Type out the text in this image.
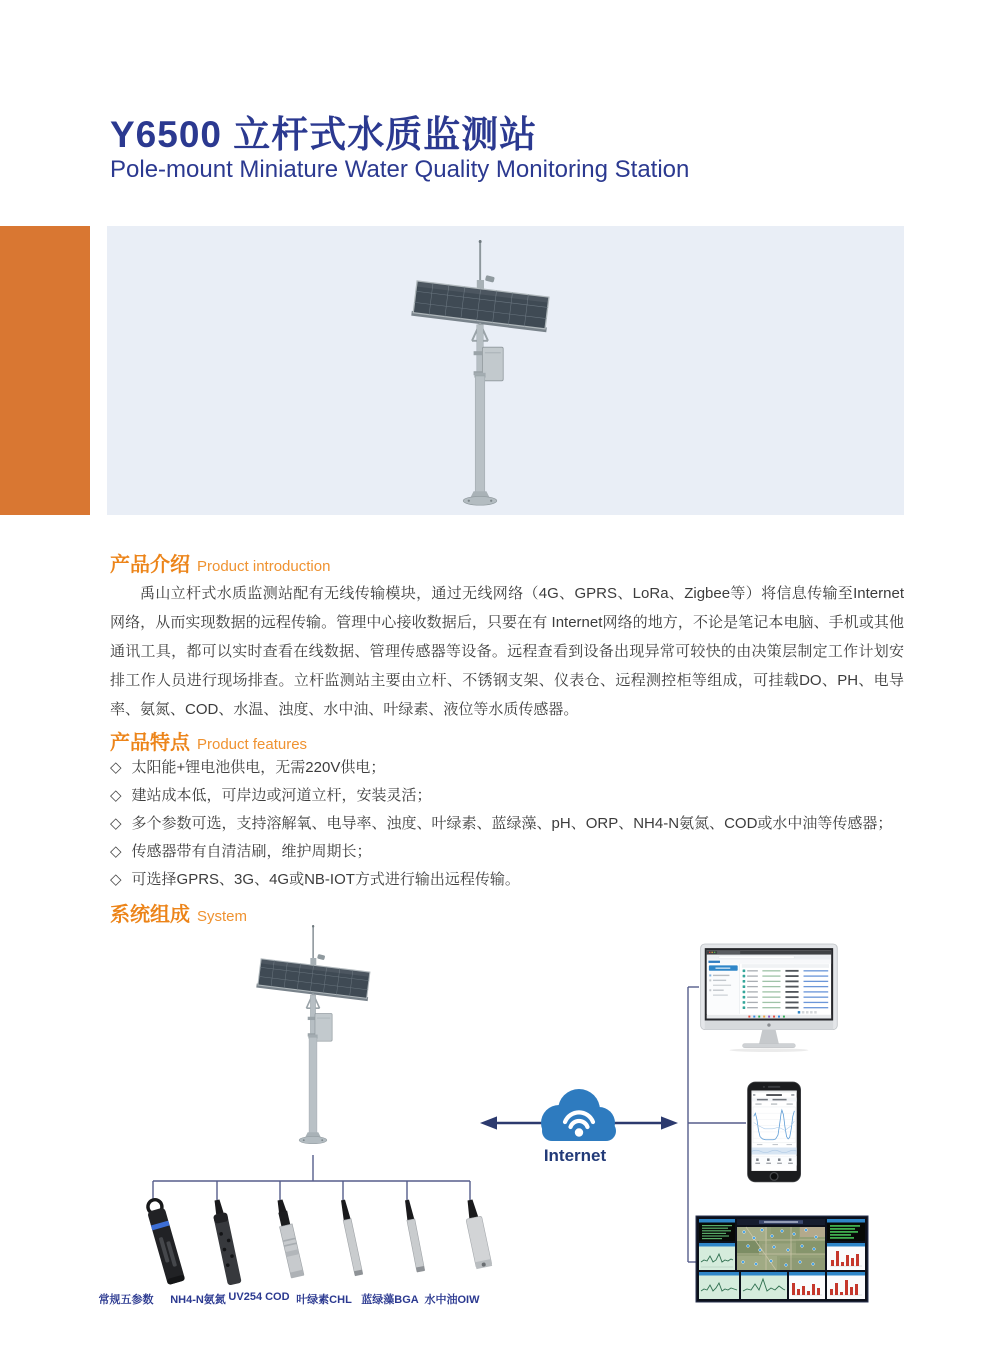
Y6500 立杆式水质监测站
Pole-mount Miniature Water Quality Monitoring Station
产品介绍 Product introduction
禹山立杆式水质监测站配有无线传输模块，通过无线网络（4G、GPRS、LoRa、Zigbee等）将信息传输至Internet网络，从而实现数据的远程传输。管理中心接收数据后，只要在有 Internet网络的地方，不论是笔记本电脑、手机或其他通讯工具，都可以实时查看在线数据、管理传感器等设备。远程查看到设备出现异常可较快的由决策层制定工作计划安排工作人员进行现场排查。立杆监测站主要由立杆、不锈钢支架、仪表仓、远程测控柜等组成，可挂载DO、PH、电导率、氨氮、COD、水温、浊度、水中油、叶绿素、液位等水质传感器。
产品特点 Product features
◇ 太阳能+锂电池供电，无需220V供电；
◇ 建站成本低，可岸边或河道立杆，安装灵活；
◇ 多个参数可选，支持溶解氧、电导率、浊度、叶绿素、蓝绿藻、pH、ORP、NH4-N氨氮、COD或水中油等传感器；
◇ 传感器带有自清洁刷，维护周期长；
◇ 可选择GPRS、3G、4G或NB-IOT方式进行输出远程传输。
系统组成 System
Internet
常规五参数	NH4-N氨氮 UV254 COD 叶绿素CHL 蓝绿藻BGA 水中油OIW
